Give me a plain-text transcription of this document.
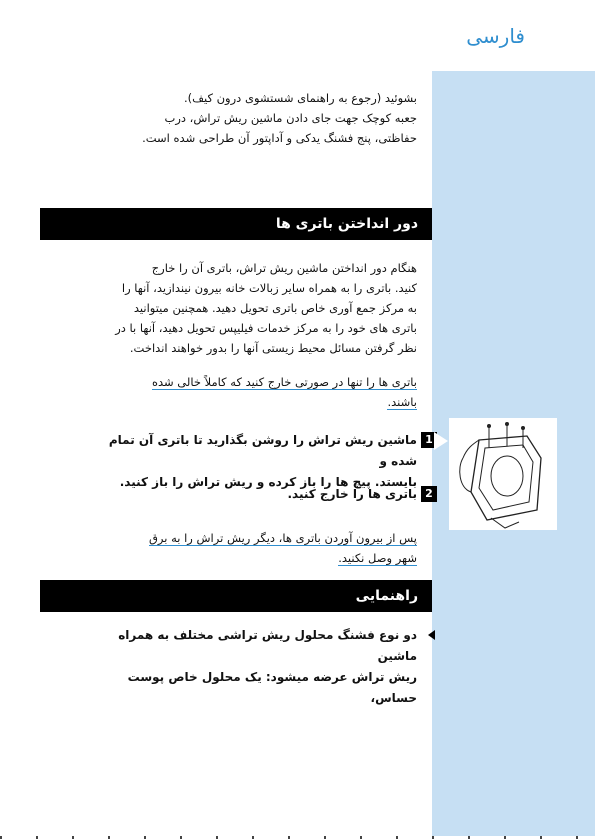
فارسی
بشوئید (رجوع به راهنمای شستشوی درون کیف).
جعبه کوچک جهت جای دادن ماشین ریش تراش، درب
حفاظتی، پنج فشنگ یدکی و آداپتور آن طراحی شده است.
دور انداختن باتری ها
هنگام دور انداختن ماشین ریش تراش، باتری آن را خارج
کنید. باتری را به همراه سایر زبالات خانه بیرون نیندازید، آنها را
به مرکز جمع آوری خاص باتری تحویل دهید. همچنین میتوانید
باتری های خود را به مرکز خدمات فیلیپس تحویل دهید، آنها با در
نظر گرفتن مسائل محیط زیستی آنها را بدور خواهند انداخت.
باتری ها را تنها در صورتی خارج کنید که کاملاً خالی شده
باشند.
1
ماشین ریش تراش را روشن بگذارید تا باتری آن تمام شده و
بایستد. پیچ ها را باز کرده و ریش تراش را باز کنید.
2
باتری ها را خارج کنید.
پس از بیرون آوردن باتری ها، دیگر ریش تراش را به برق
شهر وصل نکنید.
راهنمایی
دو نوع فشنگ محلول ریش تراشی مختلف به همراه ماشین
ریش تراش عرضه میشود: یک محلول خاص پوست حساس،
